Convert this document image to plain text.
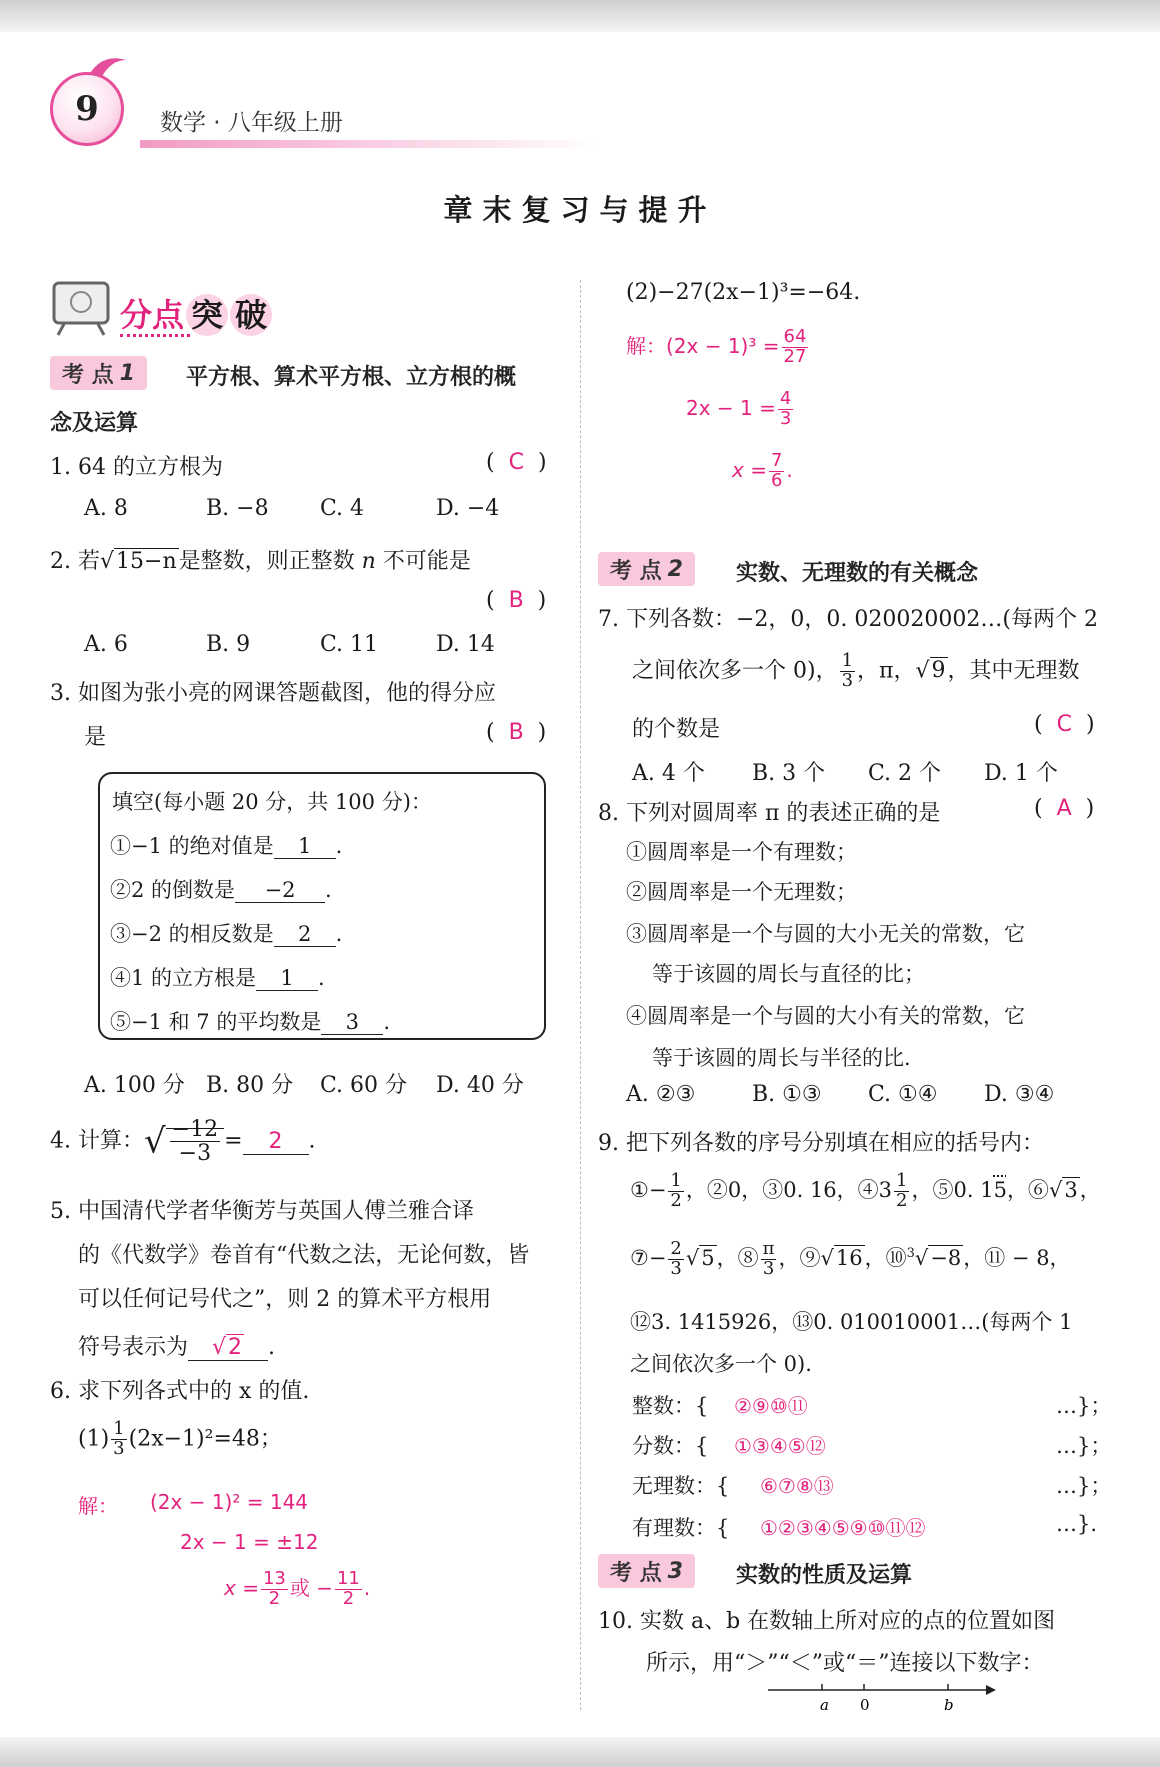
9	数学 · 八年级上册
章末复习与提升
分点 突 破
考 点 1 平方根、算术平方根、立方根的概
念及运算
1. 64 的立方根为	(  C  )
A. 8	B. −8 C. 4	D. −4
2. 若√15−n是整数，则正整数 n 不可能是
(  B  )
A. 6	B. 9	C. 11	D. 14
3. 如图为张小亮的网课答题截图，他的得分应
是	(  B  )
填空(每小题 20 分，共 100 分)：
①−1 的绝对值是 1 .
②2 的倒数是 −2 .
③−2 的相反数是 2 .
④1 的立方根是 1 .
⑤−1 和 7 的平均数是 3 .
A. 100 分 B. 80 分 C. 60 分 D. 40 分
4. 计算：√ $\frac{-12}{-3} = 2$ .
5. 中国清代学者华衡芳与英国人傅兰雅合译
的《代数学》卷首有“代数之法，无论何数，皆
可以任何记号代之”，则 2 的算术平方根用
符号表示为 √2 .
6. 求下列各式中的 x 的值.
$(1) \frac{1}{3} (2x-1)^2=48$；
解： (2x − 1)² = 144
2x − 1 = ±12
$x = \frac{13}{2}$ 或 − $\frac{11}{2}$ .
(2)−27(2x−1)³=−64.
解：$(2x - 1)^3 = \frac{64}{27}$
$2x - 1 = \frac{4}{3}$
$x = \frac{7}{6}$ .
考 点 2 实数、无理数的有关概念
7. 下列各数：−2，0，0. 020020002…(每两个 2
之间依次多一个 0)， $\frac{1}{3}$ ，π，√9，其中无理数
的个数是	(  C  )
A. 4 个 B. 3 个 C. 2 个 D. 1 个
8. 下列对圆周率 π 的表述正确的是	(  A  )
①圆周率是一个有理数；
②圆周率是一个无理数；
③圆周率是一个与圆的大小无关的常数，它
等于该圆的周长与直径的比；
④圆周率是一个与圆的大小有关的常数，它
等于该圆的周长与半径的比.
A. ②③	B. ①③ C. ①④ D. ③④
9. 把下列各数的序号分别填在相应的括号内：
①− $\frac{1}{2}$ ，②0，③0. 16，④3 $\frac{1}{2}$ ，⑤0. 15，⑥√3，
⑦− $\frac{2}{3} √5$，⑧ $\frac{\pi}{3}$ ，⑨√16，⑩$^3$√−8，⑪ − 8，
⑫3. 1415926，⑬0. 010010001…(每两个 1
之间依次多一个 0).
整数：{ ②⑨⑩⑪	…}；
分数：{ ①③④⑤⑫	…}；
无理数：{ ⑥⑦⑧⑬	…}；
有理数：{ ①②③④⑤⑨⑩⑪⑫	…}.
考 点 3 实数的性质及运算
10. 实数 a、b 在数轴上所对应的点的位置如图
所示，用“＞”“＜”或“＝”连接以下数字：
a 0	b
